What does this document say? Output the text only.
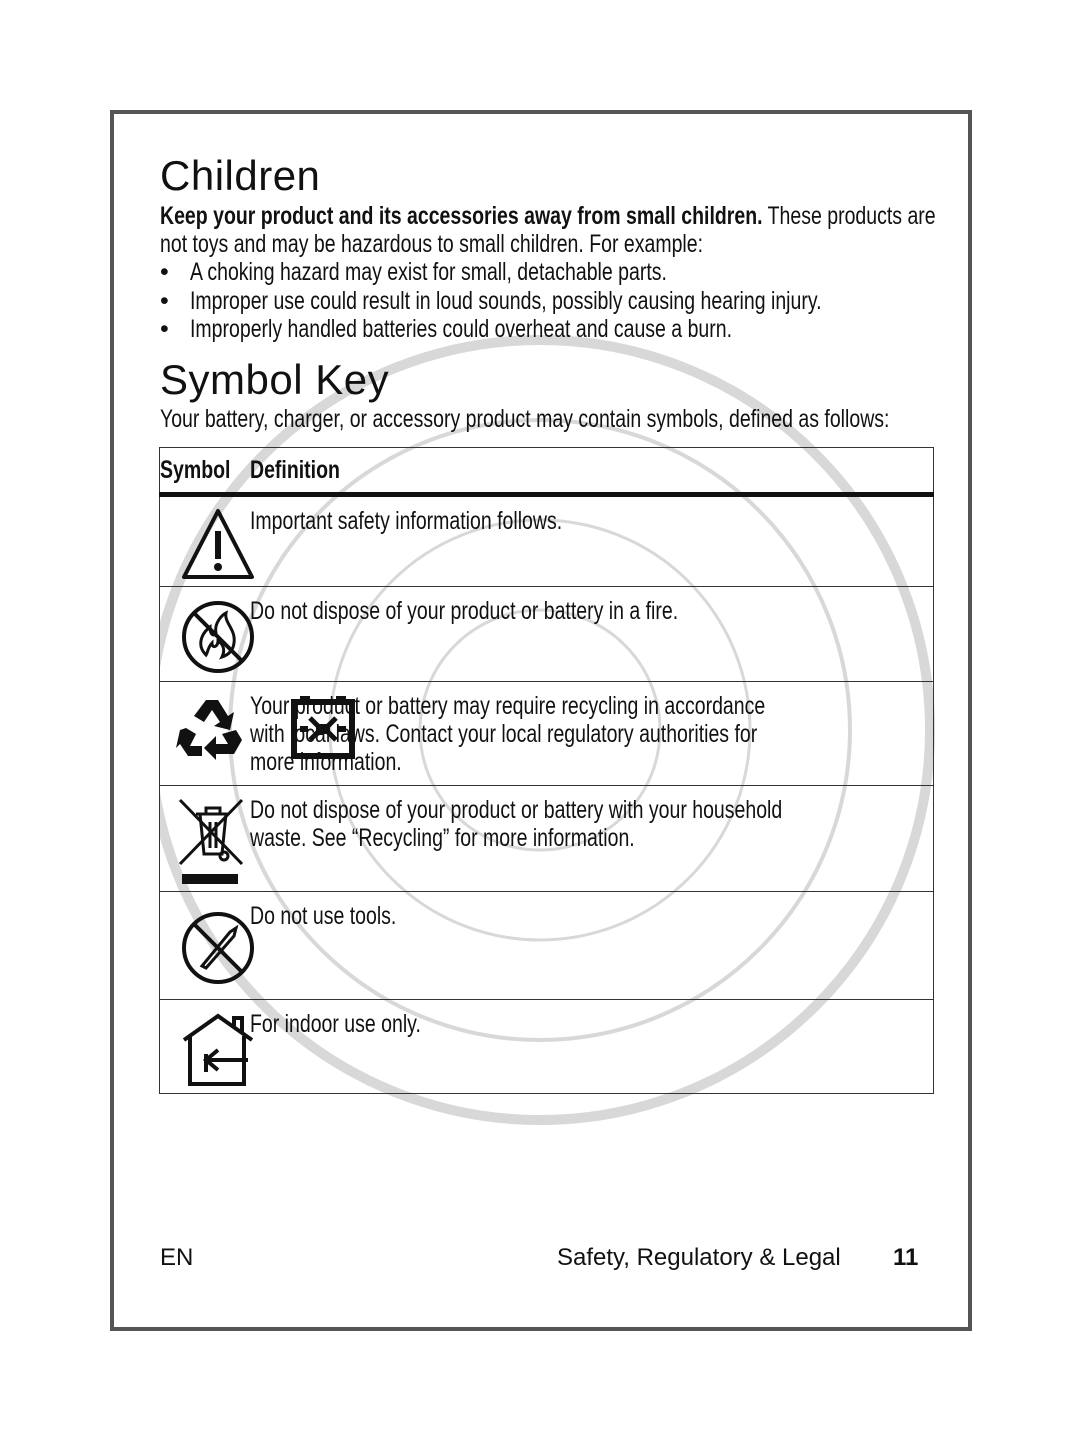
Children
Keep your product and its accessories away from small children. These products are
not toys and may be hazardous to small children. For example:
• A choking hazard may exist for small, detachable parts.
• Improper use could result in loud sounds, possibly causing hearing injury.
• Improperly handled batteries could overheat and cause a burn.
Symbol Key
Your battery, charger, or accessory product may contain symbols, defined as follows:
Symbol	Definition

Important safety information follows.

Do not dispose of your product or battery in a fire.

Your product or battery may require recycling in accordance
with local laws. Contact your local regulatory authorities for
more information.

Do not dispose of your product or battery with your household
waste. See “Recycling” for more information.

Do not use tools.

For indoor use only.
EN	Safety, Regulatory & Legal 11
